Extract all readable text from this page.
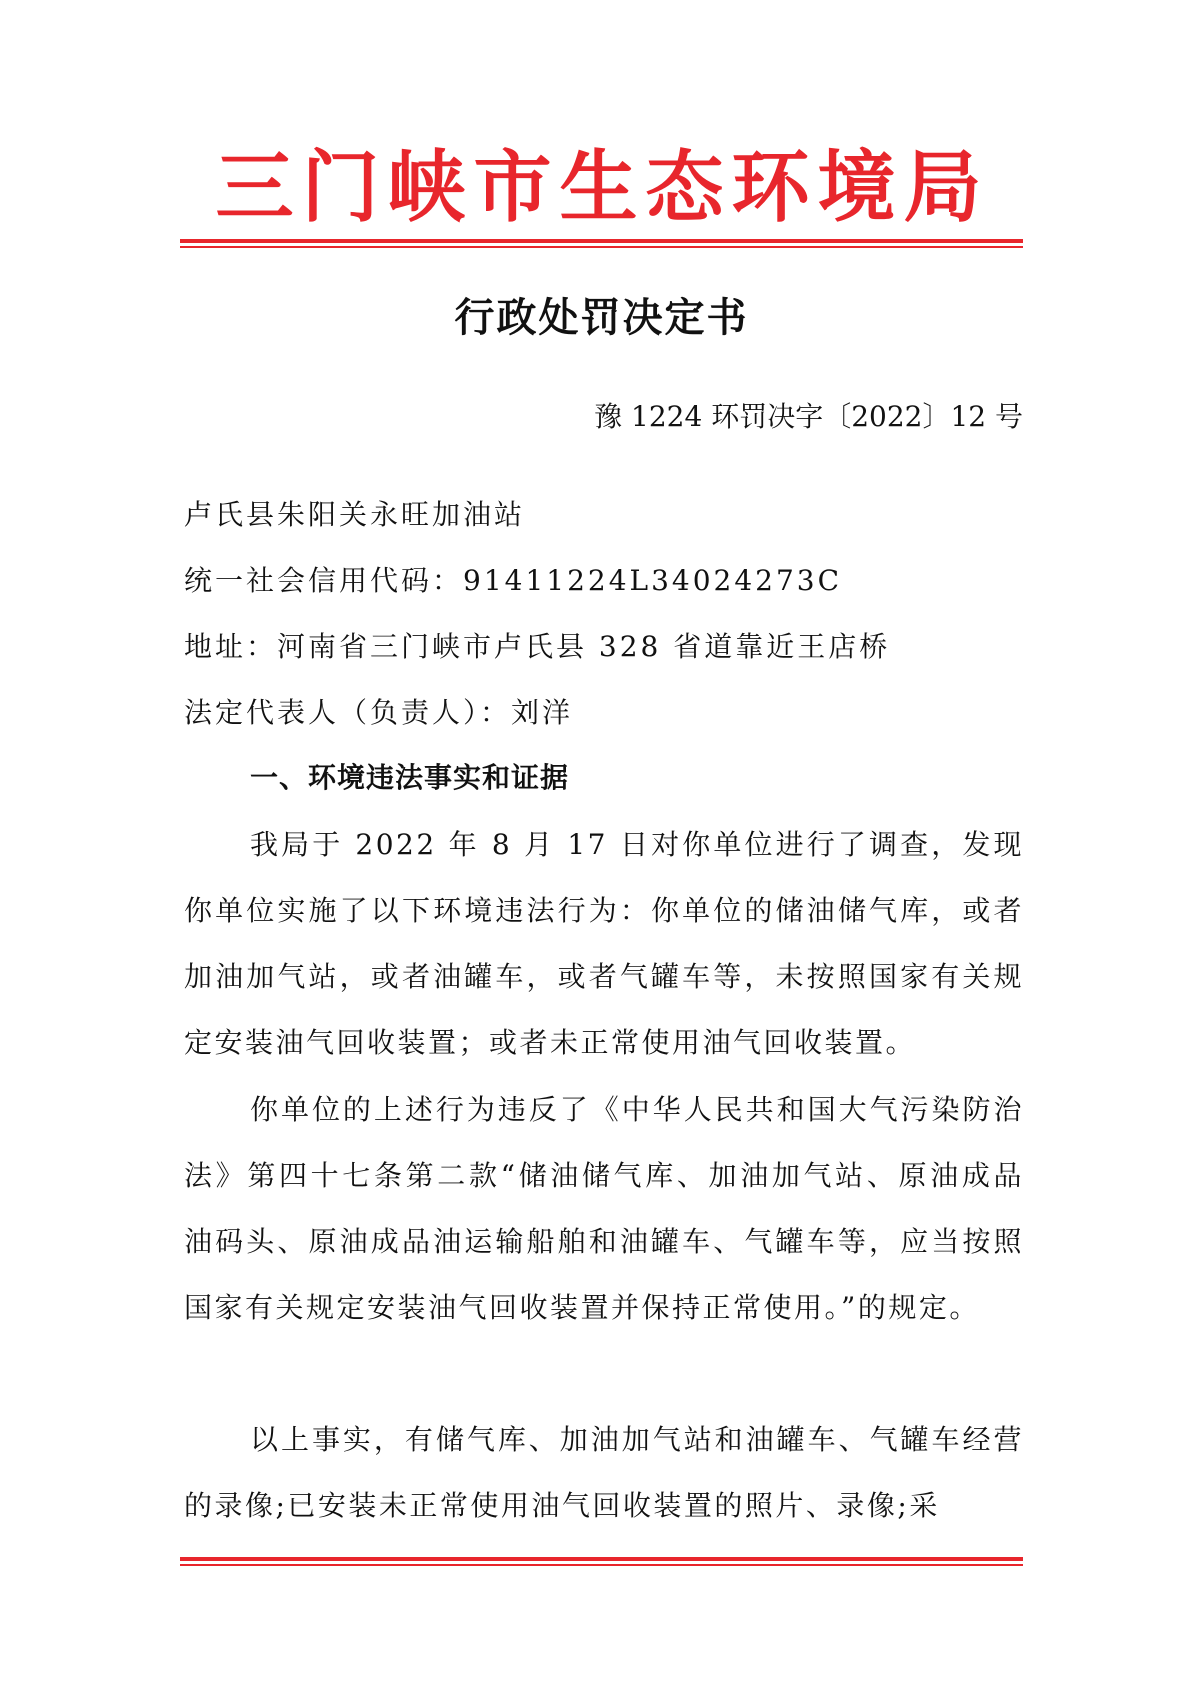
三门峡市生态环境局
行政处罚决定书
豫 1224 环罚决字〔2022〕12 号
卢氏县朱阳关永旺加油站
统一社会信用代码：91411224L34024273C
地址：河南省三门峡市卢氏县 328 省道靠近王店桥
法定代表人（负责人）：刘洋
一、环境违法事实和证据
我局于 2022 年 8 月 17 日对你单位进行了调查，发现你单位实施了以下环境违法行为：你单位的储油储气库，或者加油加气站，或者油罐车，或者气罐车等，未按照国家有关规定安装油气回收装置；或者未正常使用油气回收装置。
你单位的上述行为违反了《中华人民共和国大气污染防治法》第四十七条第二款“储油储气库、加油加气站、原油成品油码头、原油成品油运输船舶和油罐车、气罐车等，应当按照国家有关规定安装油气回收装置并保持正常使用。”的规定。
以上事实，有储气库、加油加气站和油罐车、气罐车经营的录像;已安装未正常使用油气回收装置的照片、录像;采
